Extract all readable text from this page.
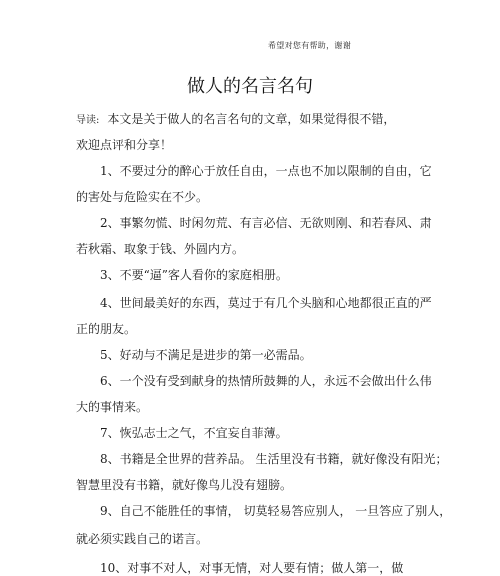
希望对您有帮助，谢谢
做人的名言名句
导读: 本文是关于做人的名言名句的文章，如果觉得很不错，
欢迎点评和分享！
1、不要过分的醉心于放任自由，一点也不加以限制的自由，它
的害处与危险实在不少。
2、事繁勿慌、时闲勿荒、有言必信、无欲则刚、和若春风、肃
若秋霜、取象于钱、外圆内方。
3、不要“逼”客人看你的家庭相册。
4、世间最美好的东西，莫过于有几个头脑和心地都很正直的严
正的朋友。
5、好动与不满足是进步的第一必需品。
6、一个没有受到献身的热情所鼓舞的人，永远不会做出什么伟
大的事情来。
7、恢弘志士之气，不宜妄自菲薄。
8、书籍是全世界的营养品。 生活里没有书籍，就好像没有阳光；
智慧里没有书籍，就好像鸟儿没有翅膀。
9、自己不能胜任的事情， 切莫轻易答应别人， 一旦答应了别人，
就必须实践自己的诺言。
10、对事不对人，对事无情，对人要有情；做人第一，做
